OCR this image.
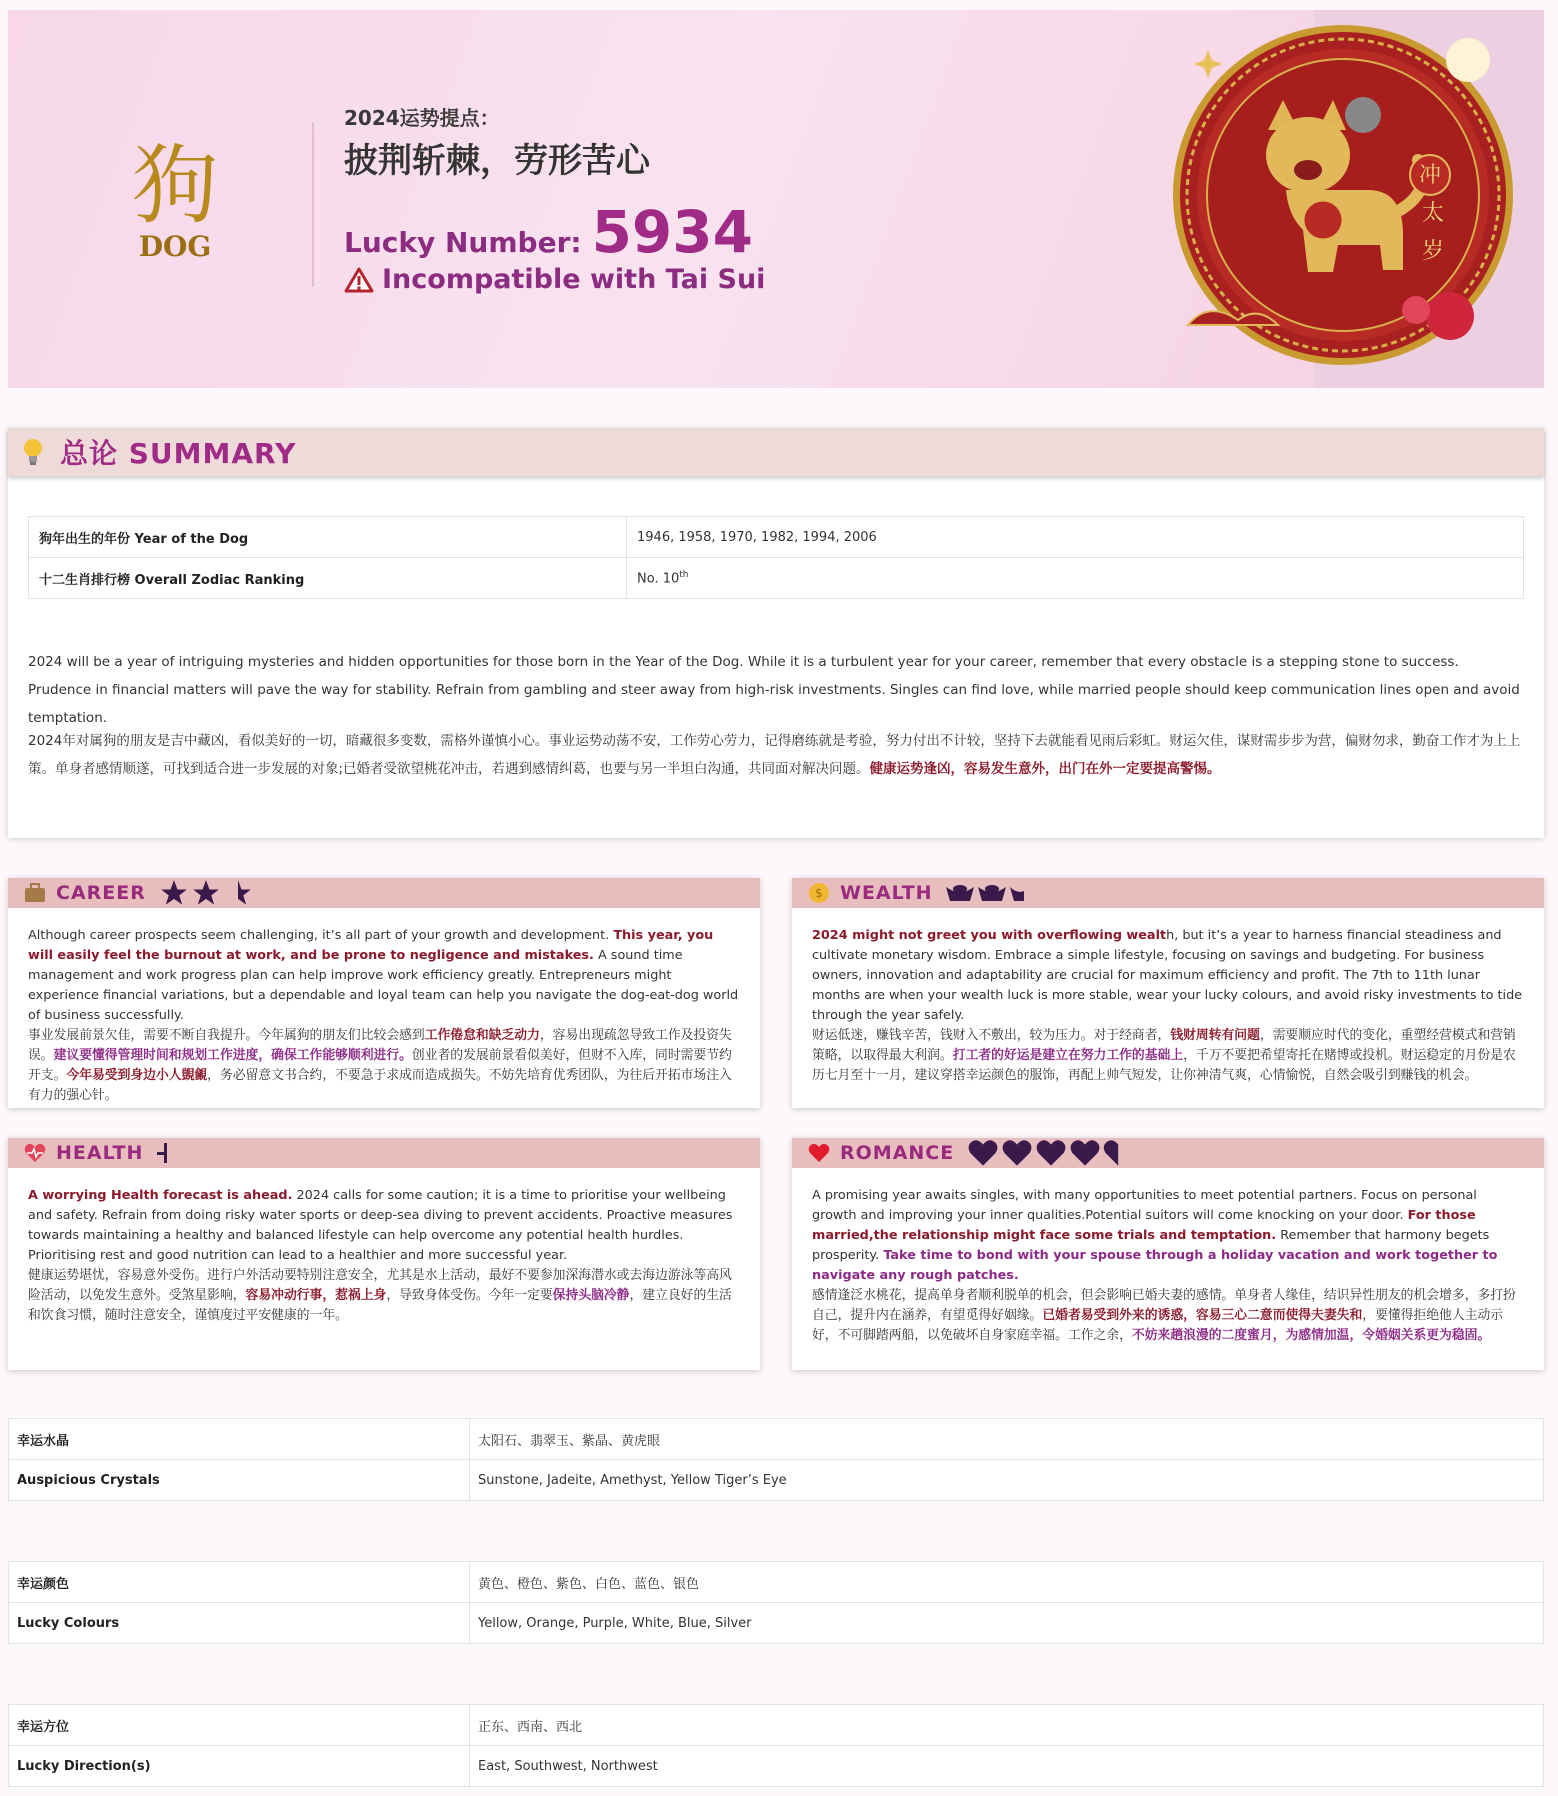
狗
DOG
2024运势提点：
披荆斩棘，劳形苦心
Lucky Number: 5934
Incompatible with Tai Sui
冲
太
岁
总论 SUMMARY
狗年出生的年份 Year of the Dog	1946, 1958, 1970, 1982, 1994, 2006
十二生肖排行榜 Overall Zodiac Ranking	No. 10th

2024 will be a year of intriguing mysteries and hidden opportunities for those born in the Year of the Dog. While it is a turbulent year for your career, remember that every obstacle is a stepping stone to success. Prudence in financial matters will pave the way for stability. Refrain from gambling and steer away from high-risk investments. Singles can find love, while married people should keep communication lines open and avoid temptation.

2024年对属狗的朋友是吉中藏凶，看似美好的一切，暗藏很多变数，需格外谨慎小心。事业运势动荡不安，工作劳心劳力，记得磨练就是考验，努力付出不计较，坚持下去就能看见雨后彩虹。财运欠佳，谋财需步步为营，偏财勿求，勤奋工作才为上上策。单身者感情顺遂，可找到适合进一步发展的对象;已婚者受欲望桃花冲击，若遇到感情纠葛，也要与另一半坦白沟通，共同面对解决问题。健康运势逢凶，容易发生意外，出门在外一定要提高警惕。

CAREER
Although career prospects seem challenging, it’s all part of your growth and development. This year, you will easily feel the burnout at work, and be prone to negligence and mistakes. A sound time management and work progress plan can help improve work efficiency greatly. Entrepreneurs might experience financial variations, but a dependable and loyal team can help you navigate the dog-eat-dog world of business successfully.
事业发展前景欠佳，需要不断自我提升。今年属狗的朋友们比较会感到工作倦怠和缺乏动力，容易出现疏忽导致工作及投资失误。建议要懂得管理时间和规划工作进度，确保工作能够顺利进行。创业者的发展前景看似美好，但财不入库，同时需要节约开支。今年易受到身边小人覬覦，务必留意文书合约，不要急于求成而造成损失。不妨先培育优秀团队，为往后开拓市场注入有力的强心针。
$ WEALTH
2024 might not greet you with overflowing wealth, but it’s a year to harness financial steadiness and cultivate monetary wisdom. Embrace a simple lifestyle, focusing on savings and budgeting. For business owners, innovation and adaptability are crucial for maximum efficiency and profit. The 7th to 11th lunar months are when your wealth luck is more stable, wear your lucky colours, and avoid risky investments to tide through the year safely.
财运低迷，赚钱辛苦，钱财入不敷出，较为压力。对于经商者，钱财周转有问题，需要顺应时代的变化，重塑经营模式和营销策略，以取得最大利润。打工者的好运是建立在努力工作的基础上，千万不要把希望寄托在赌博或投机。财运稳定的月份是农历七月至十一月，建议穿搭幸运颜色的服饰，再配上帅气短发，让你神清气爽，心情愉悦，自然会吸引到赚钱的机会。
HEALTH
A worrying Health forecast is ahead. 2024 calls for some caution; it is a time to prioritise your wellbeing and safety. Refrain from doing risky water sports or deep-sea diving to prevent accidents. Proactive measures towards maintaining a healthy and balanced lifestyle can help overcome any potential health hurdles. Prioritising rest and good nutrition can lead to a healthier and more successful year.
健康运势堪忧，容易意外受伤。进行户外活动要特别注意安全，尤其是水上活动，最好不要参加深海潜水或去海边游泳等高风险活动，以免发生意外。受煞星影响，容易冲动行事，惹祸上身，导致身体受伤。今年一定要保持头脑冷静，建立良好的生活和饮食习惯，随时注意安全，谨慎度过平安健康的一年。
ROMANCE
A promising year awaits singles, with many opportunities to meet potential partners. Focus on personal growth and improving your inner qualities.Potential suitors will come knocking on your door. For those married,the relationship might face some trials and temptation. Remember that harmony begets prosperity. Take time to bond with your spouse through a holiday vacation and work together to navigate any rough patches.
感情逢泛水桃花，提高单身者顺利脱单的机会，但会影响已婚夫妻的感情。单身者人缘佳，结识异性朋友的机会增多，多打扮自己，提升内在涵养，有望觅得好姻缘。已婚者易受到外来的诱惑，容易三心二意而使得夫妻失和，要懂得拒绝他人主动示好，不可脚踏两船，以免破坏自身家庭幸福。工作之余，不妨来趟浪漫的二度蜜月，为感情加温，令婚姻关系更为稳固。
幸运水晶	太阳石、翡翠玉、紫晶、黄虎眼
Auspicious Crystals	Sunstone, Jadeite, Amethyst, Yellow Tiger’s Eye
幸运颜色	黄色、橙色、紫色、白色、蓝色、银色
Lucky Colours	Yellow, Orange, Purple, White, Blue, Silver
幸运方位	正东、西南、西北
Lucky Direction(s)	East, Southwest, Northwest
